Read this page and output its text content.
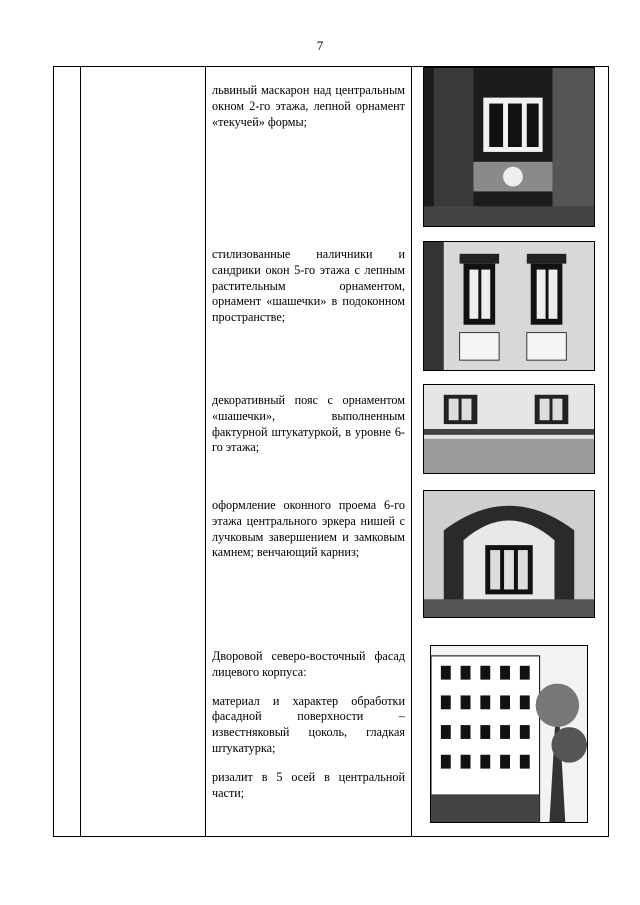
7

львиный маскарон над центральным окном 2-го этажа, лепной орнамент «текучей» формы;

стилизованные наличники и сандрики окон 5-го этажа с лепным растительным орнаментом, орнамент «шашечки» в подоконном пространстве;

декоративный пояс с орнаментом «шашечки», выполненным фактурной штукатуркой, в уровне 6-го этажа;

оформление оконного проема 6-го этажа центрального эркера нишей с лучковым завершением и замковым камнем; венчающий карниз;

Дворовой северо-восточный фасад лицевого корпуса:

материал и характер обработки фасадной поверхности – известняковый цоколь, гладкая штукатурка;

ризалит в 5 осей в центральной части;
